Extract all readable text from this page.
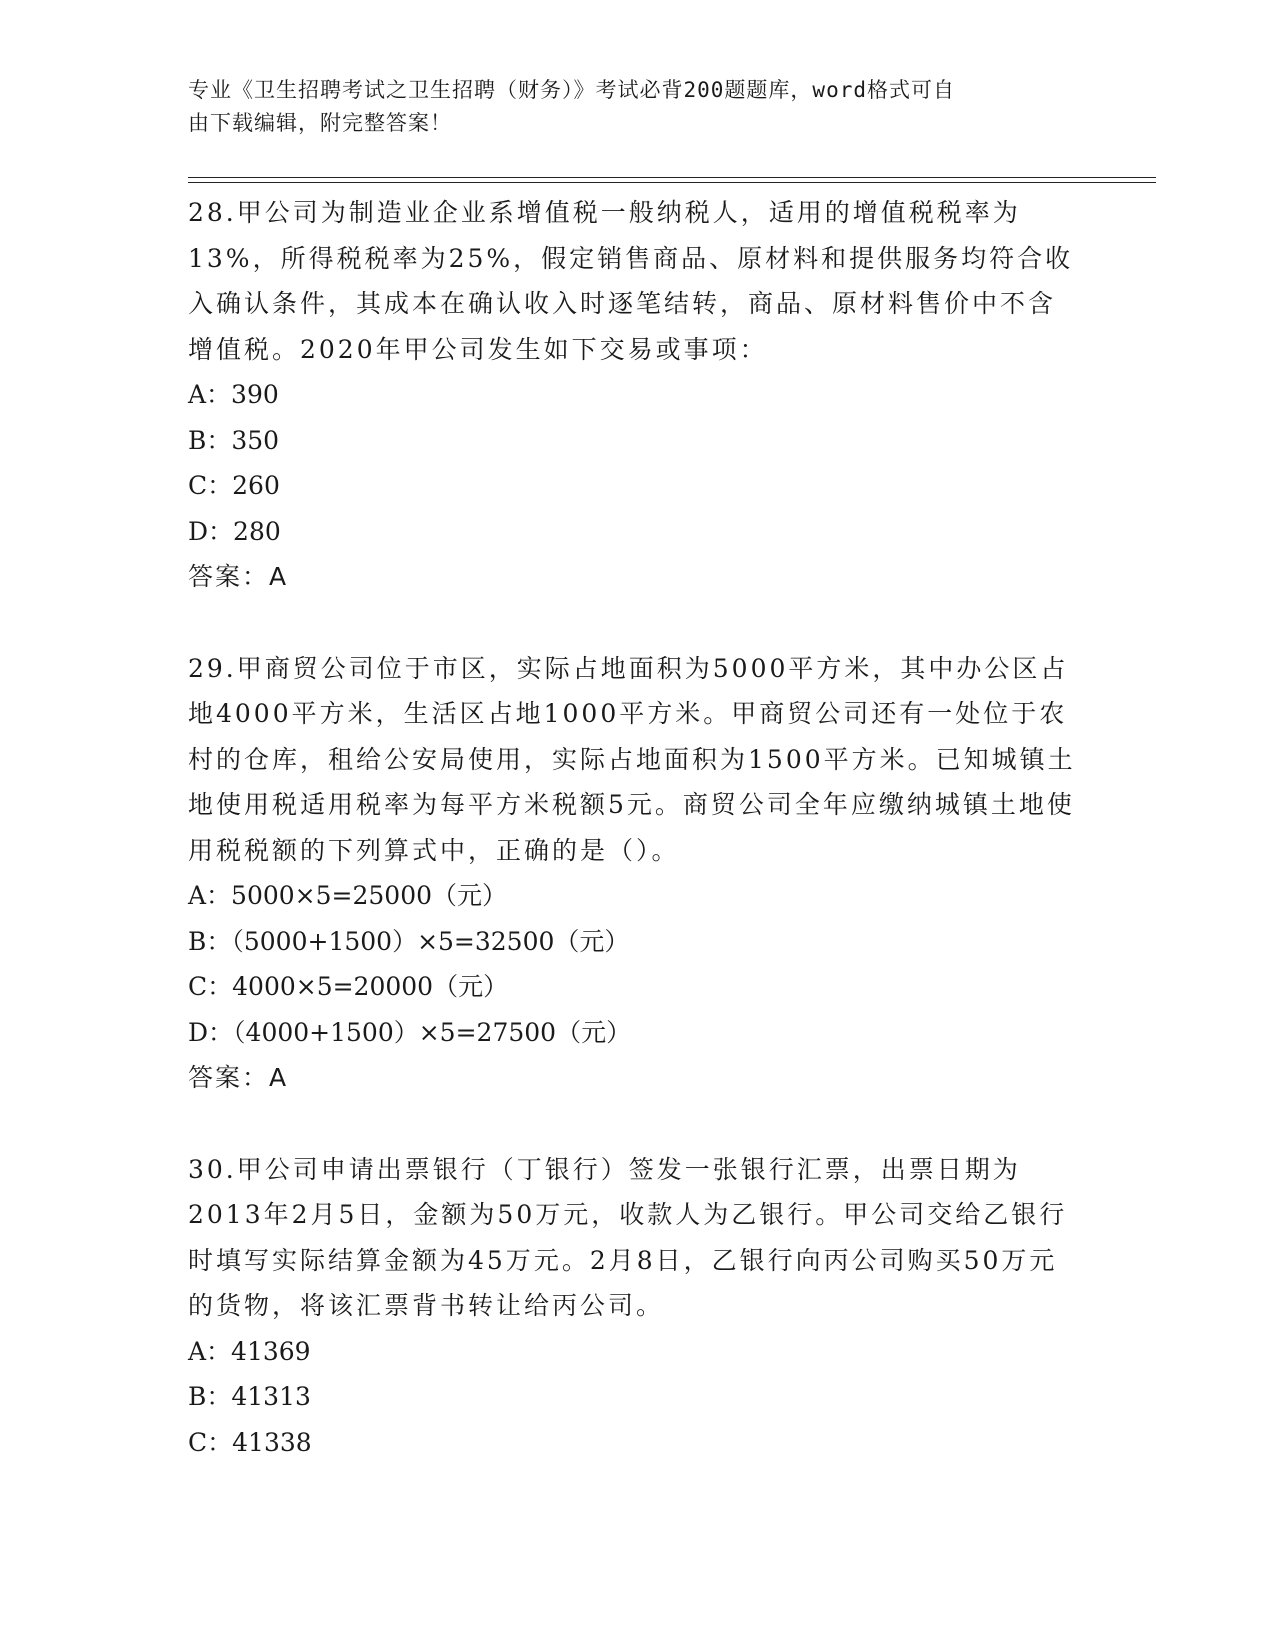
专业《卫生招聘考试之卫生招聘（财务）》考试必背200题题库，word格式可自
由下载编辑，附完整答案！

28.甲公司为制造业企业系增值税一般纳税人，适用的增值税税率为13%，所得税税率为25%，假定销售商品、原材料和提供服务均符合收入确认条件，其成本在确认收入时逐笔结转，商品、原材料售价中不含增值税。2020年甲公司发生如下交易或事项：

A：390

B：350

C：260

D：280

答案：A

29.甲商贸公司位于市区，实际占地面积为5000平方米，其中办公区占地4000平方米，生活区占地1000平方米。甲商贸公司还有一处位于农村的仓库，租给公安局使用，实际占地面积为1500平方米。已知城镇土地使用税适用税率为每平方米税额5元。商贸公司全年应缴纳城镇土地使用税税额的下列算式中，正确的是（）。

A：5000×5=25000（元）

B：（5000+1500）×5=32500（元）

C：4000×5=20000（元）

D：（4000+1500）×5=27500（元）

答案：A

30.甲公司申请出票银行（丁银行）签发一张银行汇票，出票日期为2013年2月5日，金额为50万元，收款人为乙银行。甲公司交给乙银行时填写实际结算金额为45万元。2月8日，乙银行向丙公司购买50万元的货物，将该汇票背书转让给丙公司。

A：41369

B：41313

C：41338
